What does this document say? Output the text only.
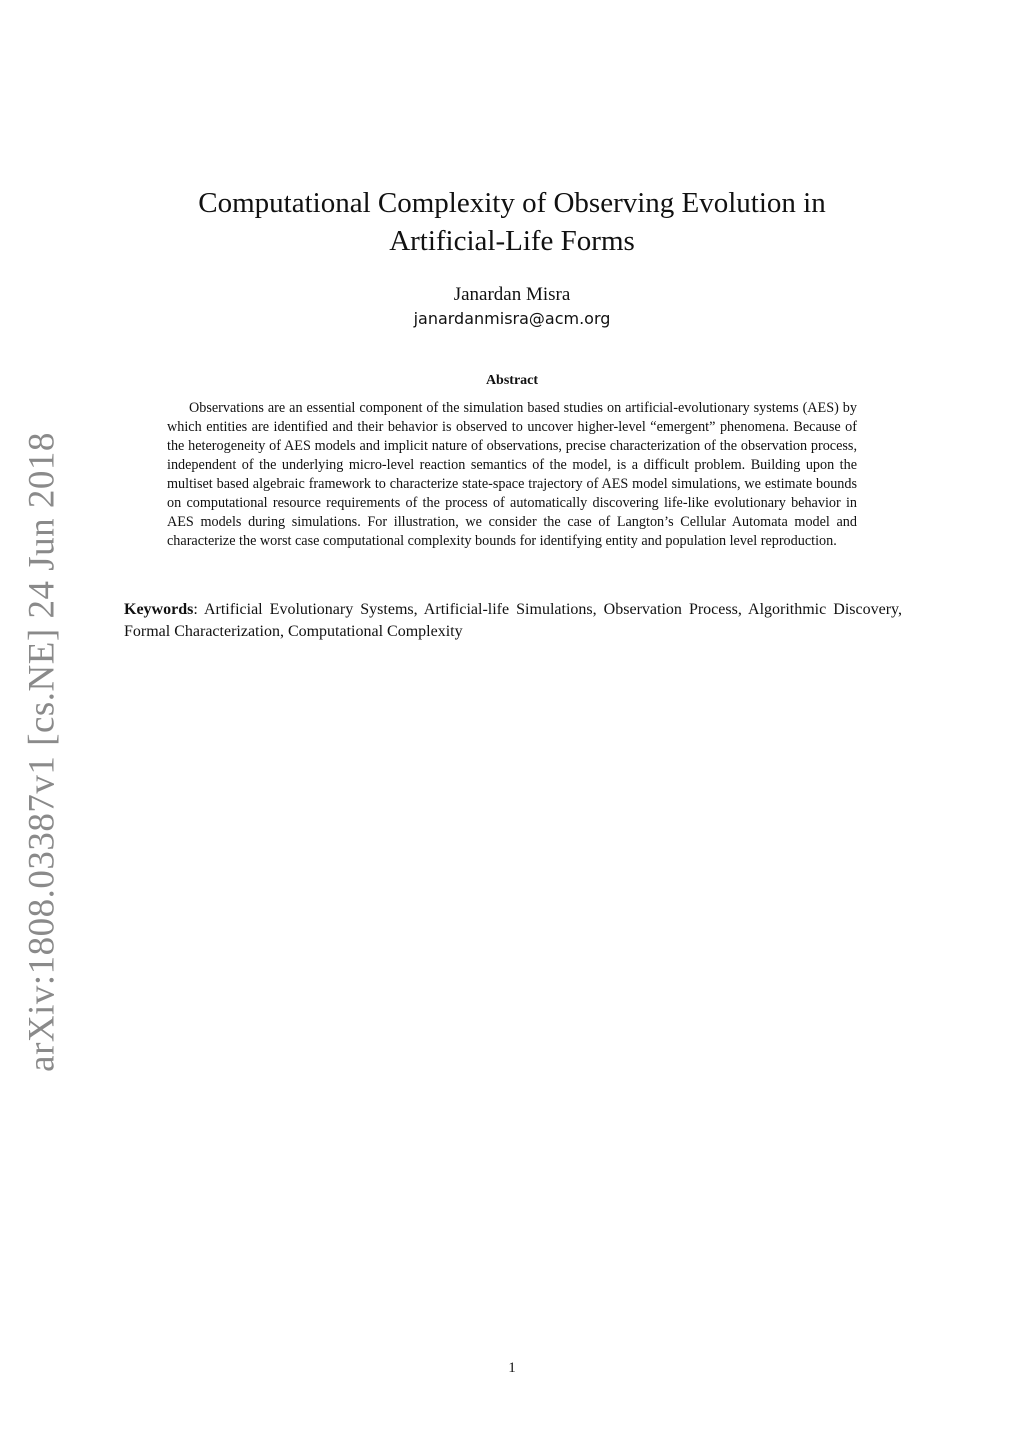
arXiv:1808.03387v1 [cs.NE] 24 Jun 2018
Computational Complexity of Observing Evolution in Artificial-Life Forms
Janardan Misra
janardanmisra@acm.org
Abstract

Observations are an essential component of the simulation based studies on artificial-evolutionary systems (AES) by which entities are identified and their behavior is observed to uncover higher-level “emergent” phenomena. Because of the heterogeneity of AES models and implicit nature of observations, precise characterization of the observation process, independent of the underlying micro-level reaction semantics of the model, is a difficult problem. Building upon the multiset based algebraic framework to characterize state-space trajectory of AES model simulations, we estimate bounds on computational resource requirements of the process of automatically discovering life-like evolutionary behavior in AES models during simulations. For illustration, we consider the case of Langton’s Cellular Automata model and characterize the worst case computational complexity bounds for identifying entity and population level reproduction.

Keywords: Artificial Evolutionary Systems, Artificial-life Simulations, Observation Process, Algorithmic Discovery, Formal Characterization, Computational Complexity

1
